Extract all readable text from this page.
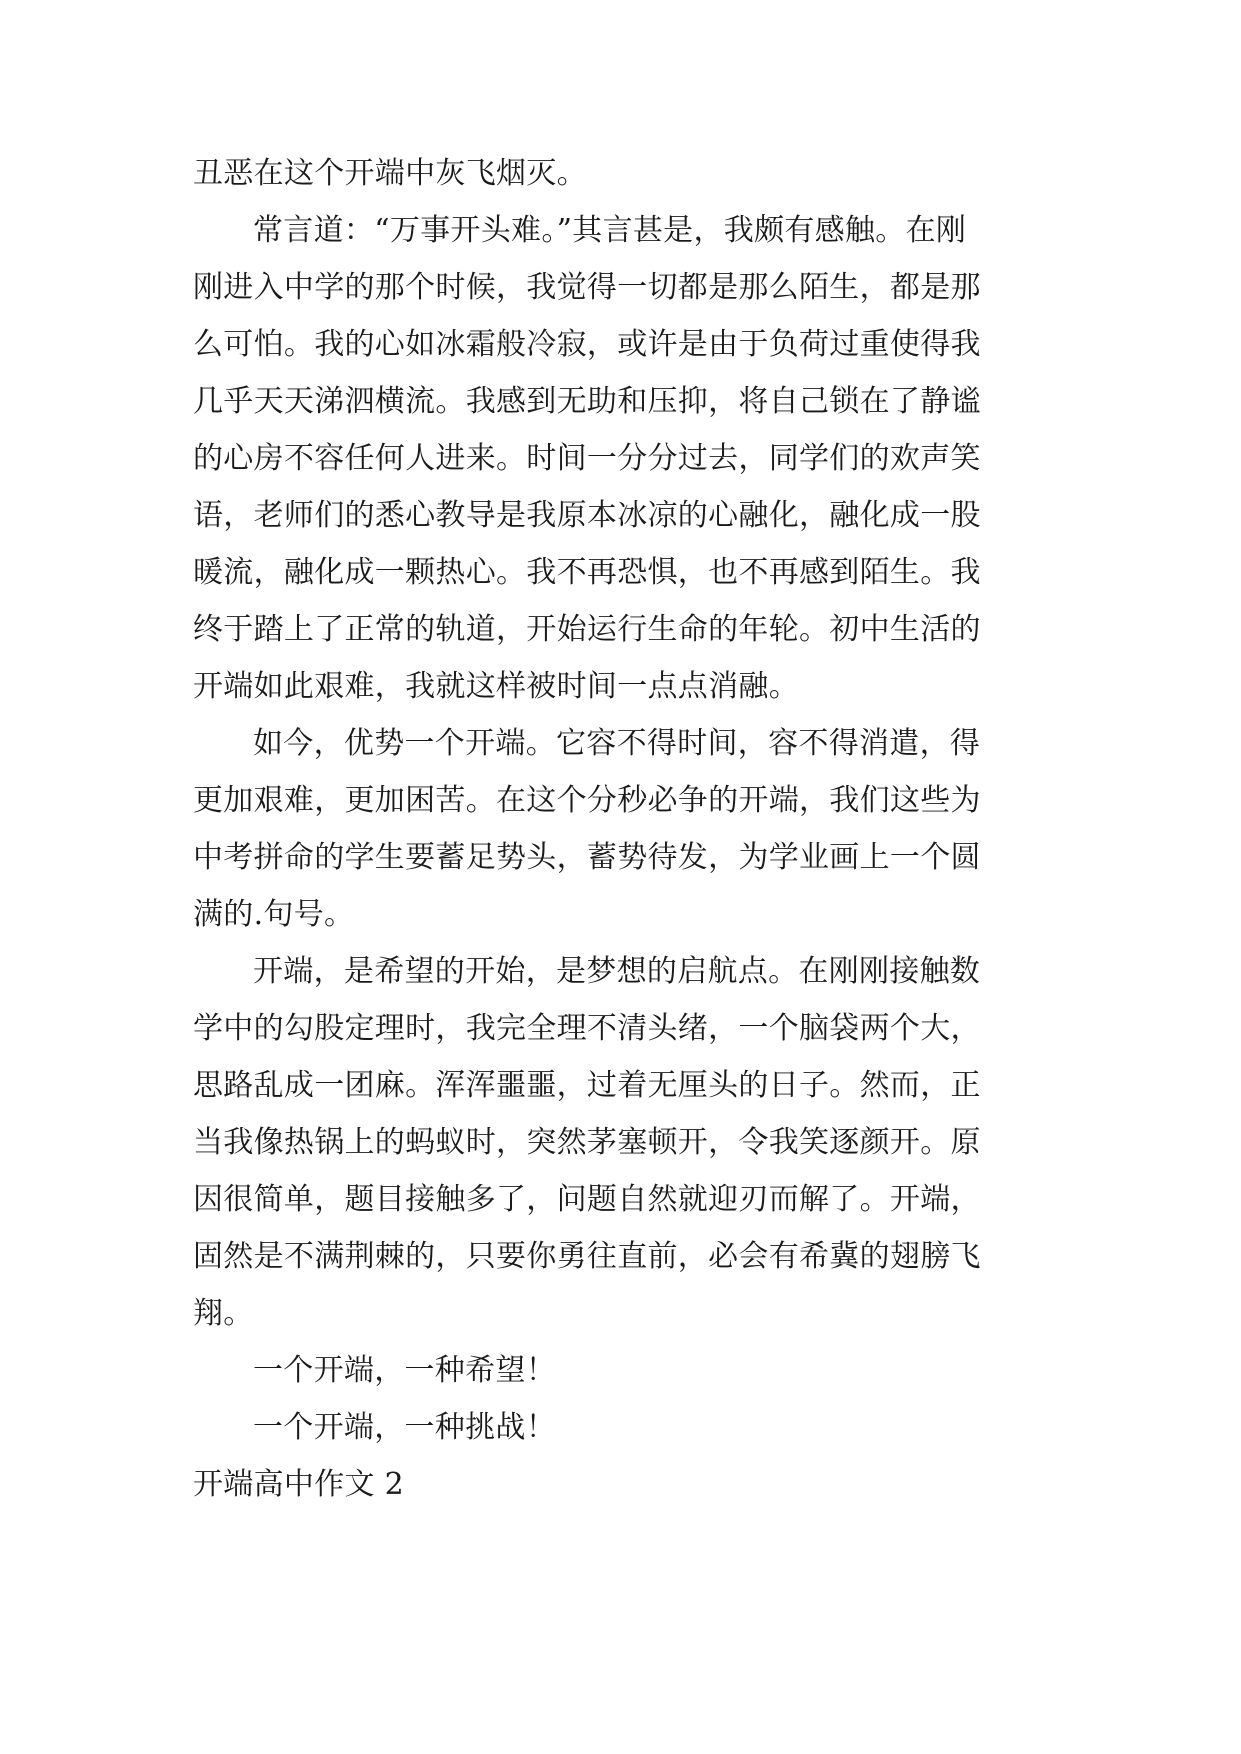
丑恶在这个开端中灰飞烟灭。
常言道：“万事开头难。”其言甚是，我颇有感触。在刚
刚进入中学的那个时候，我觉得一切都是那么陌生，都是那
么可怕。我的心如冰霜般冷寂，或许是由于负荷过重使得我
几乎天天涕泗横流。我感到无助和压抑，将自己锁在了静谧
的心房不容任何人进来。时间一分分过去，同学们的欢声笑
语，老师们的悉心教导是我原本冰凉的心融化，融化成一股
暖流，融化成一颗热心。我不再恐惧，也不再感到陌生。我
终于踏上了正常的轨道，开始运行生命的年轮。初中生活的
开端如此艰难，我就这样被时间一点点消融。
如今，优势一个开端。它容不得时间，容不得消遣，得
更加艰难，更加困苦。在这个分秒必争的开端，我们这些为
中考拼命的学生要蓄足势头，蓄势待发，为学业画上一个圆
满的.句号。
开端，是希望的开始，是梦想的启航点。在刚刚接触数
学中的勾股定理时，我完全理不清头绪，一个脑袋两个大，
思路乱成一团麻。浑浑噩噩，过着无厘头的日子。然而，正
当我像热锅上的蚂蚁时，突然茅塞顿开，令我笑逐颜开。原
因很简单，题目接触多了，问题自然就迎刃而解了。开端，
固然是不满荆棘的，只要你勇往直前，必会有希冀的翅膀飞
翔。
一个开端，一种希望！
一个开端，一种挑战！
开端高中作文 2
